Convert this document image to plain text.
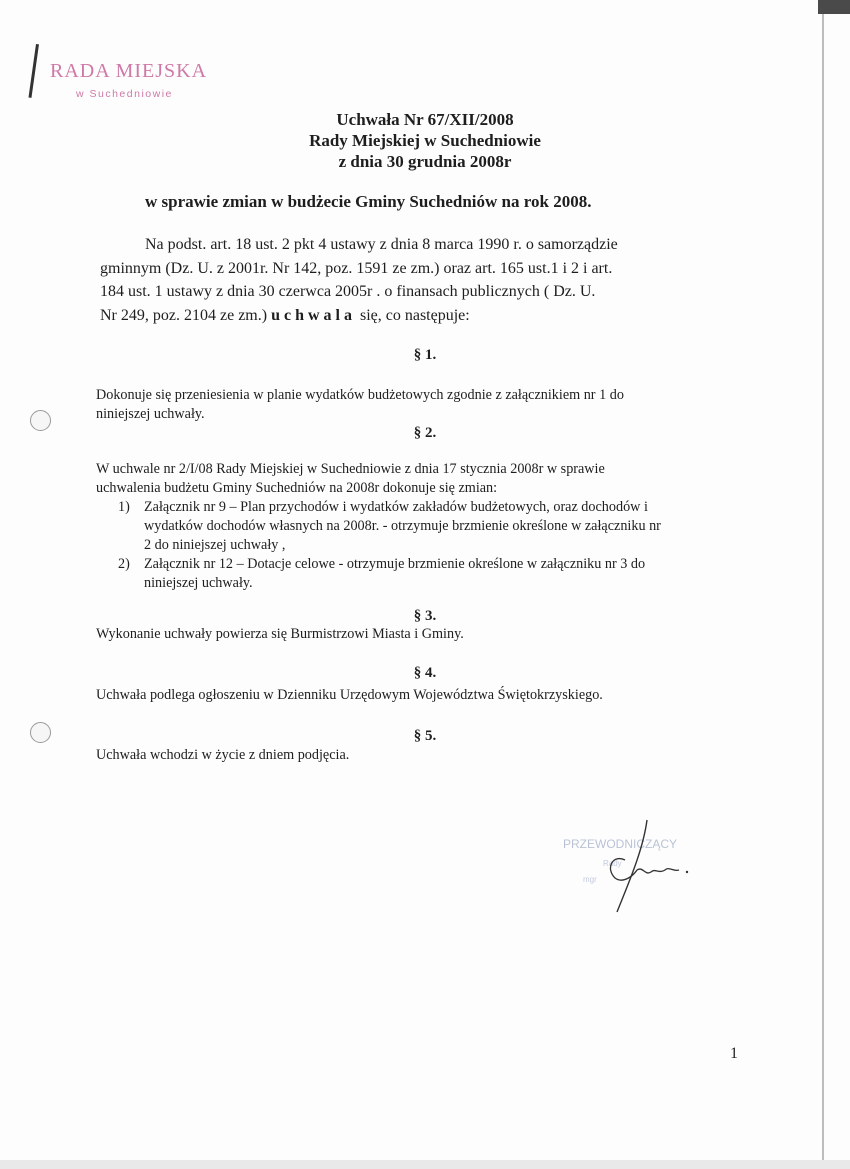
RADA MIEJSKA
w Suchedniowie
Uchwała Nr 67/XII/2008
Rady Miejskiej w Suchedniowie
z dnia 30 grudnia 2008r
w sprawie zmian w budżecie Gminy Suchedniów na rok 2008.
Na podst. art. 18 ust. 2 pkt 4 ustawy z dnia 8 marca 1990 r. o samorządzie
gminnym (Dz. U. z 2001r. Nr 142, poz. 1591 ze zm.) oraz art. 165 ust.1 i 2 i art.
184 ust. 1 ustawy z dnia 30 czerwca 2005r . o finansach publicznych ( Dz. U.
Nr 249, poz. 2104 ze zm.) uchwala się, co następuje:
§ 1.
Dokonuje się przeniesienia w planie wydatków budżetowych zgodnie z załącznikiem nr 1 do
niniejszej uchwały.
§ 2.
W uchwale nr 2/I/08 Rady Miejskiej w Suchedniowie z dnia 17 stycznia 2008r w sprawie
uchwalenia budżetu Gminy Suchedniów na 2008r dokonuje się zmian:
1) Załącznik nr 9 – Plan przychodów i wydatków zakładów budżetowych, oraz dochodów i
wydatków dochodów własnych na 2008r. - otrzymuje brzmienie określone w załączniku nr
2 do niniejszej uchwały ,
2) Załącznik nr 12 – Dotacje celowe - otrzymuje brzmienie określone w załączniku nr 3 do
niniejszej uchwały.
§ 3.
Wykonanie uchwały powierza się Burmistrzowi Miasta i Gminy.
§ 4.
Uchwała podlega ogłoszeniu w Dzienniku Urzędowym Województwa Świętokrzyskiego.
§ 5.
Uchwała wchodzi w życie z dniem podjęcia.
PRZEWODNICZĄCY
Rady
mgr
1
